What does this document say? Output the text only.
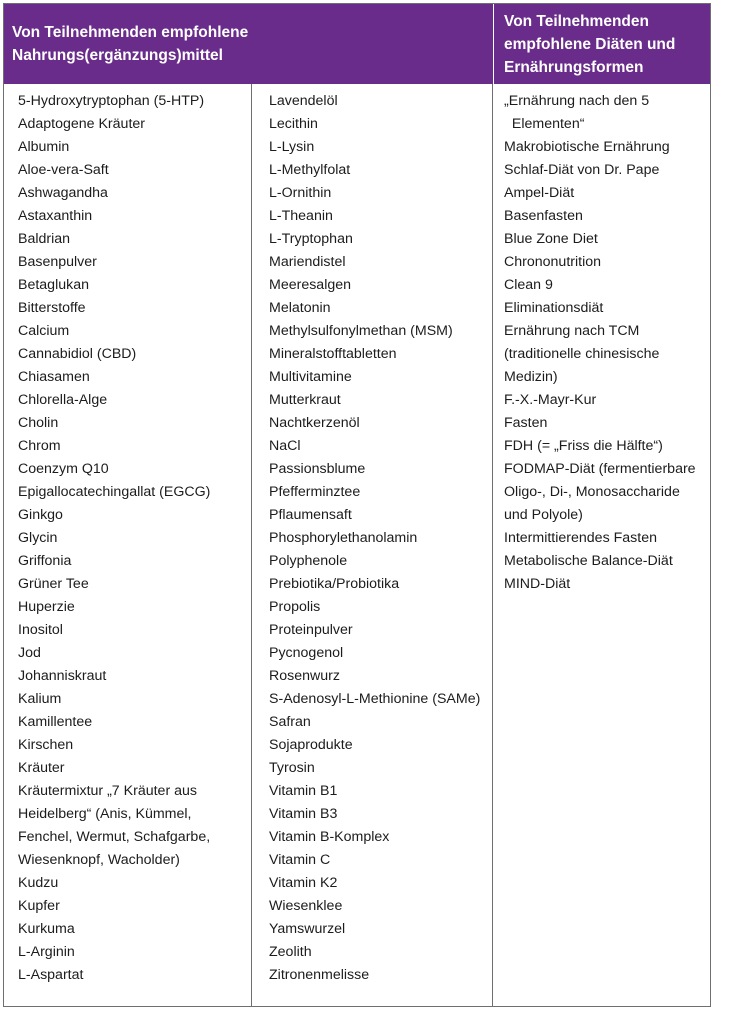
Von Teilnehmenden empfohlene
Nahrungs(ergänzungs)mittel
Von Teilnehmenden
empfohlene Diäten und
Ernährungsformen
5-Hydroxytryptophan (5-HTP)
Adaptogene Kräuter
Albumin
Aloe-vera-Saft
Ashwagandha
Astaxanthin
Baldrian
Basenpulver
Betaglukan
Bitterstoffe
Calcium
Cannabidiol (CBD)
Chiasamen
Chlorella-Alge
Cholin
Chrom
Coenzym Q10
Epigallocatechingallat (EGCG)
Ginkgo
Glycin
Griffonia
Grüner Tee
Huperzie
Inositol
Jod
Johanniskraut
Kalium
Kamillentee
Kirschen
Kräuter
Kräutermixtur „7 Kräuter aus
Heidelberg“ (Anis, Kümmel,
Fenchel, Wermut, Schafgarbe,
Wiesenknopf, Wacholder)
Kudzu
Kupfer
Kurkuma
L-Arginin
L-Aspartat
Lavendelöl
Lecithin
L-Lysin
L-Methylfolat
L-Ornithin
L-Theanin
L-Tryptophan
Mariendistel
Meeresalgen
Melatonin
Methylsulfonylmethan (MSM)
Mineralstofftabletten
Multivitamine
Mutterkraut
Nachtkerzenöl
NaCl
Passionsblume
Pfefferminztee
Pflaumensaft
Phosphorylethanolamin
Polyphenole
Prebiotika/Probiotika
Propolis
Proteinpulver
Pycnogenol
Rosenwurz
S-Adenosyl-L-Methionine (SAMe)
Safran
Sojaprodukte
Tyrosin
Vitamin B1
Vitamin B3
Vitamin B-Komplex
Vitamin C
Vitamin K2
Wiesenklee
Yamswurzel
Zeolith
Zitronenmelisse
„Ernährung nach den 5
Elementen“
Makrobiotische Ernährung
Schlaf-Diät von Dr. Pape
Ampel-Diät
Basenfasten
Blue Zone Diet
Chrononutrition
Clean 9
Eliminationsdiät
Ernährung nach TCM
(traditionelle chinesische
Medizin)
F.-X.-Mayr-Kur
Fasten
FDH (= „Friss die Hälfte“)
FODMAP-Diät (fermentierbare
Oligo-, Di-, Monosaccharide
und Polyole)
Intermittierendes Fasten
Metabolische Balance-Diät
MIND-Diät
